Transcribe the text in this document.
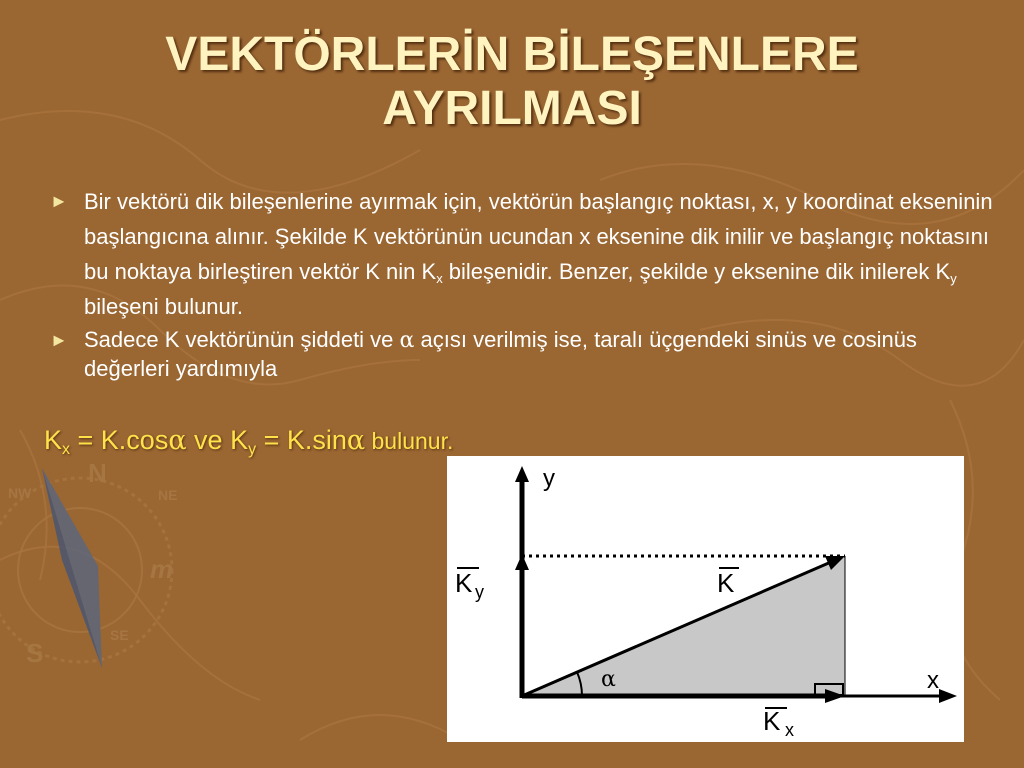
N
NW	NE
m
S
SE
VEKTÖRLERİN BİLEŞENLERE
AYRILMASI
► Bir vektörü dik bileşenlerine ayırmak için, vektörün başlangıç noktası, x, y koordinat ekseninin başlangıcına alınır. Şekilde K vektörünün ucundan x eksenine dik inilir ve başlangıç noktasını bu noktaya birleştiren vektör K nin $K_x$ bileşenidir. Benzer, şekilde y eksenine dik inilerek $K_y$ bileşeni bulunur.
► Sadece K vektörünün şiddeti ve α açısı verilmiş ise, taralı üçgendeki sinüs ve cosinüs değerleri yardımıyla
$K_x = K.\cos\alpha$ ve $K_y = K.\sin\alpha$ bulunur.
y
x
K
K y
K x
α
